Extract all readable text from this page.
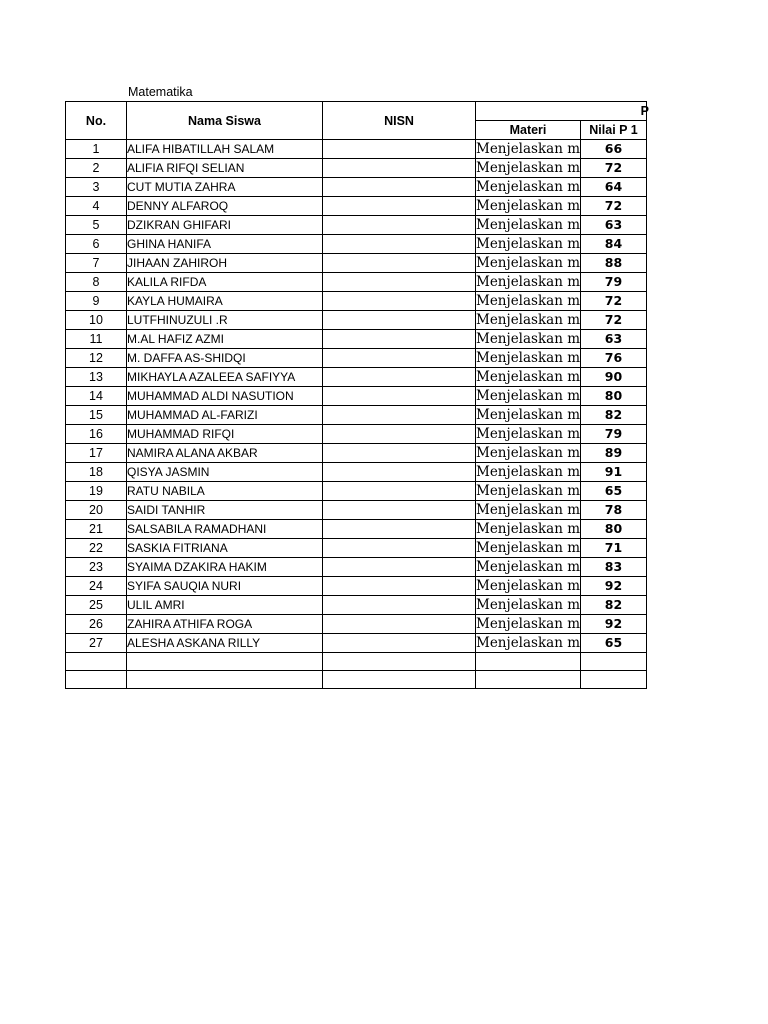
Matematika
No.	Nama Siswa	NISN	P	
			Materi	Nilai P 1
1	ALIFA HIBATILLAH SALAM		Menjelaskan m	66
2	ALIFIA RIFQI SELIAN		Menjelaskan m	72
3	CUT MUTIA ZAHRA		Menjelaskan m	64
4	DENNY ALFAROQ		Menjelaskan m	72
5	DZIKRAN GHIFARI		Menjelaskan m	63
6	GHINA HANIFA		Menjelaskan m	84
7	JIHAAN ZAHIROH		Menjelaskan m	88
8	KALILA RIFDA		Menjelaskan m	79
9	KAYLA HUMAIRA		Menjelaskan m	72
10	LUTFHINUZULI .R		Menjelaskan m	72
11	M.AL HAFIZ AZMI		Menjelaskan m	63
12	M. DAFFA AS-SHIDQI		Menjelaskan m	76
13	MIKHAYLA AZALEEA SAFIYYA		Menjelaskan m	90
14	MUHAMMAD ALDI NASUTION		Menjelaskan m	80
15	MUHAMMAD AL-FARIZI		Menjelaskan m	82
16	MUHAMMAD RIFQI		Menjelaskan m	79
17	NAMIRA ALANA AKBAR		Menjelaskan m	89
18	QISYA JASMIN		Menjelaskan m	91
19	RATU NABILA		Menjelaskan m	65
20	SAIDI TANHIR		Menjelaskan m	78
21	SALSABILA RAMADHANI		Menjelaskan m	80
22	SASKIA FITRIANA		Menjelaskan m	71
23	SYAIMA DZAKIRA HAKIM		Menjelaskan m	83
24	SYIFA SAUQIA NURI		Menjelaskan m	92
25	ULIL AMRI		Menjelaskan m	82
26	ZAHIRA ATHIFA ROGA		Menjelaskan m	92
27	ALESHA ASKANA RILLY		Menjelaskan m	65
